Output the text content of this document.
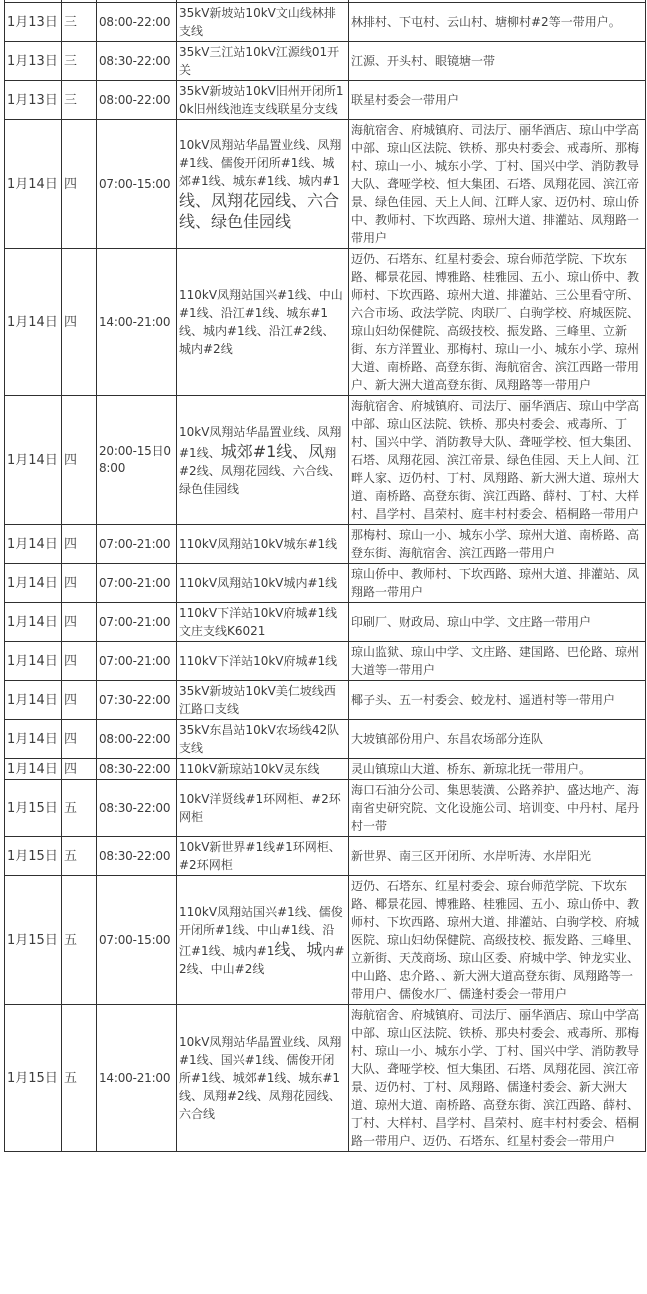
1月13日	三	08:00-22:00	35kV新坡站10kV文山线林排支线	林排村、下屯村、云山村、塘柳村#2等一带用户。
1月13日	三	08:30-22:00	35kV三江站10kV江源线01开关	江源、开头村、眼镜塘一带
1月13日	三	08:00-22:00	35kV新坡站10kV旧州开闭所10k旧州线池连支线联星分支线	联星村委会一带用户
1月14日	四	07:00-15:00	10kV凤翔站华晶置业线、凤翔#1线、儒俊开闭所#1线、城郊#1线、城东#1线、城内#1线、凤翔花园线、六合线、绿色佳园线	海航宿舍、府城镇府、司法厅、丽华酒店、琼山中学高中部、琼山区法院、铁桥、那央村委会、戒毒所、那梅村、琼山一小、城东小学、丁村、国兴中学、消防教导大队、聋哑学校、恒大集团、石塔、凤翔花园、滨江帝景、绿色佳园、天上人间、江畔人家、迈仍村、琼山侨中、教师村、下坎西路、琼州大道、排灌站、凤翔路一带用户
1月14日	四	14:00-21:00	110kV凤翔站国兴#1线、中山#1线、沿江#1线、城东#1线、城内#1线、沿江#2线、城内#2线	迈仍、石塔东、红星村委会、琼台师范学院、下坎东路、椰景花园、博雅路、桂雅园、五小、琼山侨中、教师村、下坎西路、琼州大道、排灌站、三公里看守所、六合市场、政法学院、肉联厂、白驹学校、府城医院、琼山妇幼保健院、高级技校、振发路、三峰里、立新街、东方洋置业、那梅村、琼山一小、城东小学、琼州大道、南桥路、高登东街、海航宿舍、滨江西路一带用户、新大洲大道高登东街、凤翔路等一带用户
1月14日	四	20:00-15日08:00	10kV凤翔站华晶置业线、凤翔#1线、城郊#1线、凤翔#2线、凤翔花园线、六合线、绿色佳园线	海航宿舍、府城镇府、司法厅、丽华酒店、琼山中学高中部、琼山区法院、铁桥、那央村委会、戒毒所、丁村、国兴中学、消防教导大队、聋哑学校、恒大集团、石塔、凤翔花园、滨江帝景、绿色佳园、天上人间、江畔人家、迈仍村、丁村、凤翔路、新大洲大道、琼州大道、南桥路、高登东街、滨江西路、薛村、丁村、大样村、昌学村、昌荣村、庭丰村村委会、梧桐路一带用户
1月14日	四	07:00-21:00	110kV凤翔站10kV城东#1线	那梅村、琼山一小、城东小学、琼州大道、南桥路、高登东街、海航宿舍、滨江西路一带用户
1月14日	四	07:00-21:00	110kV凤翔站10kV城内#1线	琼山侨中、教师村、下坎西路、琼州大道、排灌站、凤翔路一带用户
1月14日	四	07:00-21:00	110kV下洋站10kV府城#1线文庄支线K6021	印刷厂、财政局、琼山中学、文庄路一带用户
1月14日	四	07:00-21:00	110kV下洋站10kV府城#1线	琼山监狱、琼山中学、文庄路、建国路、巴伦路、琼州大道等一带用户
1月14日	四	07:30-22:00	35kV新坡站10kV美仁坡线西江路口支线	椰子头、五一村委会、蛟龙村、遥逍村等一带用户
1月14日	四	08:00-22:00	35kV东昌站10kV农场线42队支线	大坡镇部份用户、东昌农场部分连队
1月14日	四	08:30-22:00	110kV新琼站10kV灵东线	灵山镇琼山大道、桥东、新琼北抚一带用户。
1月15日	五	08:30-22:00	10kV洋贤线#1环网柜、#2环网柜	海口石油分公司、集思装潢、公路养护、盛达地产、海南省史研究院、文化设施公司、培训变、中丹村、尾丹村一带
1月15日	五	08:30-22:00	10kV新世界#1线#1环网柜、#2环网柜	新世界、南三区开闭所、水岸听涛、水岸阳光
1月15日	五	07:00-15:00	110kV凤翔站国兴#1线、儒俊开闭所#1线、中山#1线、沿江#1线、城内#1线、城内#2线、中山#2线	迈仍、石塔东、红星村委会、琼台师范学院、下坎东路、椰景花园、博雅路、桂雅园、五小、琼山侨中、教师村、下坎西路、琼州大道、排灌站、白驹学校、府城医院、琼山妇幼保健院、高级技校、振发路、三峰里、立新街、天茂商场、琼山区委、府城中学、钟龙实业、中山路、忠介路、、新大洲大道高登东街、凤翔路等一带用户、儒俊水厂、儒逢村委会一带用户
1月15日	五	14:00-21:00	10kV凤翔站华晶置业线、凤翔#1线、国兴#1线、儒俊开闭所#1线、城郊#1线、城东#1线、凤翔#2线、凤翔花园线、六合线	海航宿舍、府城镇府、司法厅、丽华酒店、琼山中学高中部、琼山区法院、铁桥、那央村委会、戒毒所、那梅村、琼山一小、城东小学、丁村、国兴中学、消防教导大队、聋哑学校、恒大集团、石塔、凤翔花园、滨江帝景、迈仍村、丁村、凤翔路、儒逢村委会、新大洲大道、琼州大道、南桥路、高登东街、滨江西路、薛村、丁村、大样村、昌学村、昌荣村、庭丰村村委会、梧桐路一带用户、迈仍、石塔东、红星村委会一带用户
